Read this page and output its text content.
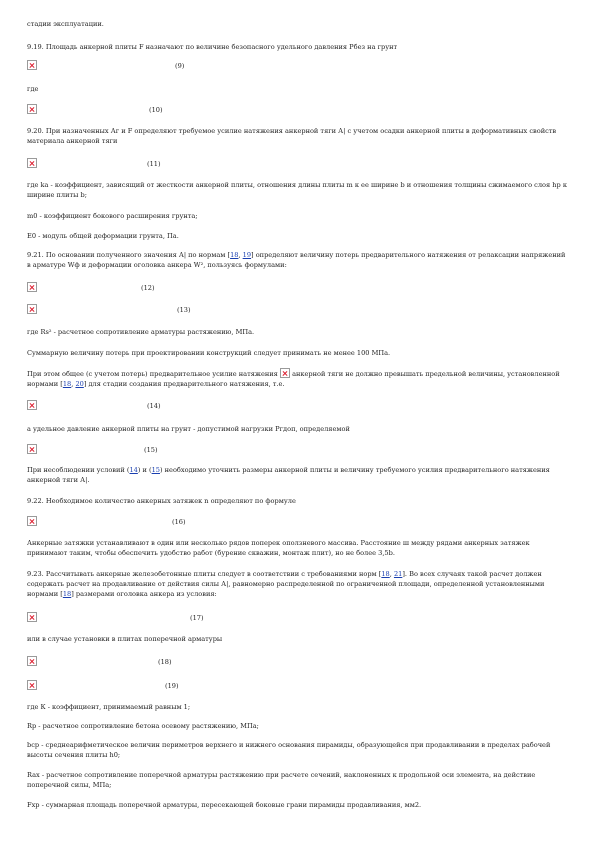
стадии эксплуатации.

9.19. Площадь анкерной плиты F назначают по величине безопасного удельного давления Рбез на грунт

(9)

где

(10)

9.20. При назначенных Аг и F определяют требуемое усилие натяжения анкерной тяги А| с учетом осадки анкерной плиты в деформативных свойств материала анкерной тяги

(11)

где ka - коэффициент, зависящий от жесткости анкерной плиты, отношения длины плиты m к ее ширине b и отношения толщины сжимаемого слоя hp к ширине плиты b;

m0 - коэффициент бокового расширения грунта;

E0 - модуль общей деформации грунта, Па.

9.21. По основании полученного значения А| по нормам [18, 19] определяют величину потерь предварительного натяжения от релаксации напряжений в арматуре Wф и деформации оголовка анкера W², пользуясь формулами:

(12)
(13)

где Rs² - расчетное сопротивление арматуры растяжению, МПа.

Суммарную величину потерь при проектировании конструкций следует принимать не менее 100 МПа.

При этом общее (с учетом потерь) предварительное усилие натяжения анкерной тяги не должно превышать предельной величины, установленной нормами [18, 20] для стадии создания предварительного натяжения, т.е.

(14)

а удельное давление анкерной плиты на грунт - допустимой нагрузки Ргдоп, определяемой

(15)

При несоблюдении условий (14) и (15) необходимо уточнить размеры анкерной плиты и величину требуемого усилия предварительного натяжения анкерной тяги А|.

9.22. Необходимое количество анкерных затяжек n определяют по формуле

(16)

Анкерные затяжки устанавливают в один или несколько рядов поперек оползневого массива. Расстояние ш между рядами анкерных затяжек принимают таким, чтобы обеспечить удобство работ (бурение скважин, монтаж плит), но не более 3,5b.

9.23. Рассчитывать анкерные железобетонные плиты следует в соответствии с требованиями норм [18, 21]. Во всех случаях такой расчет должен содержать расчет на продавливание от действия силы А|, равномерно распределенной по ограниченной площади, определенной установленными нормами [18] размерами оголовка анкера из условия:

(17)

или в случае установки в плитах поперечной арматуры

(18)
(19)

где К - коэффициент, принимаемый равным 1;

Rp - расчетное сопротивление бетона осевому растяжению, МПа;

bср - среднеарифметическое величин периметров верхнего и нижнего основания пирамиды, образующейся при продавливании в пределах рабочей высоты сечения плиты h0;

Rax - расчетное сопротивление поперечной арматуры растяжению при расчете сечений, наклоненных к продольной оси элемента, на действие поперечной силы, МПа;

Fxp - суммарная площадь поперечной арматуры, пересекающей боковые грани пирамиды продавливания, мм2.
